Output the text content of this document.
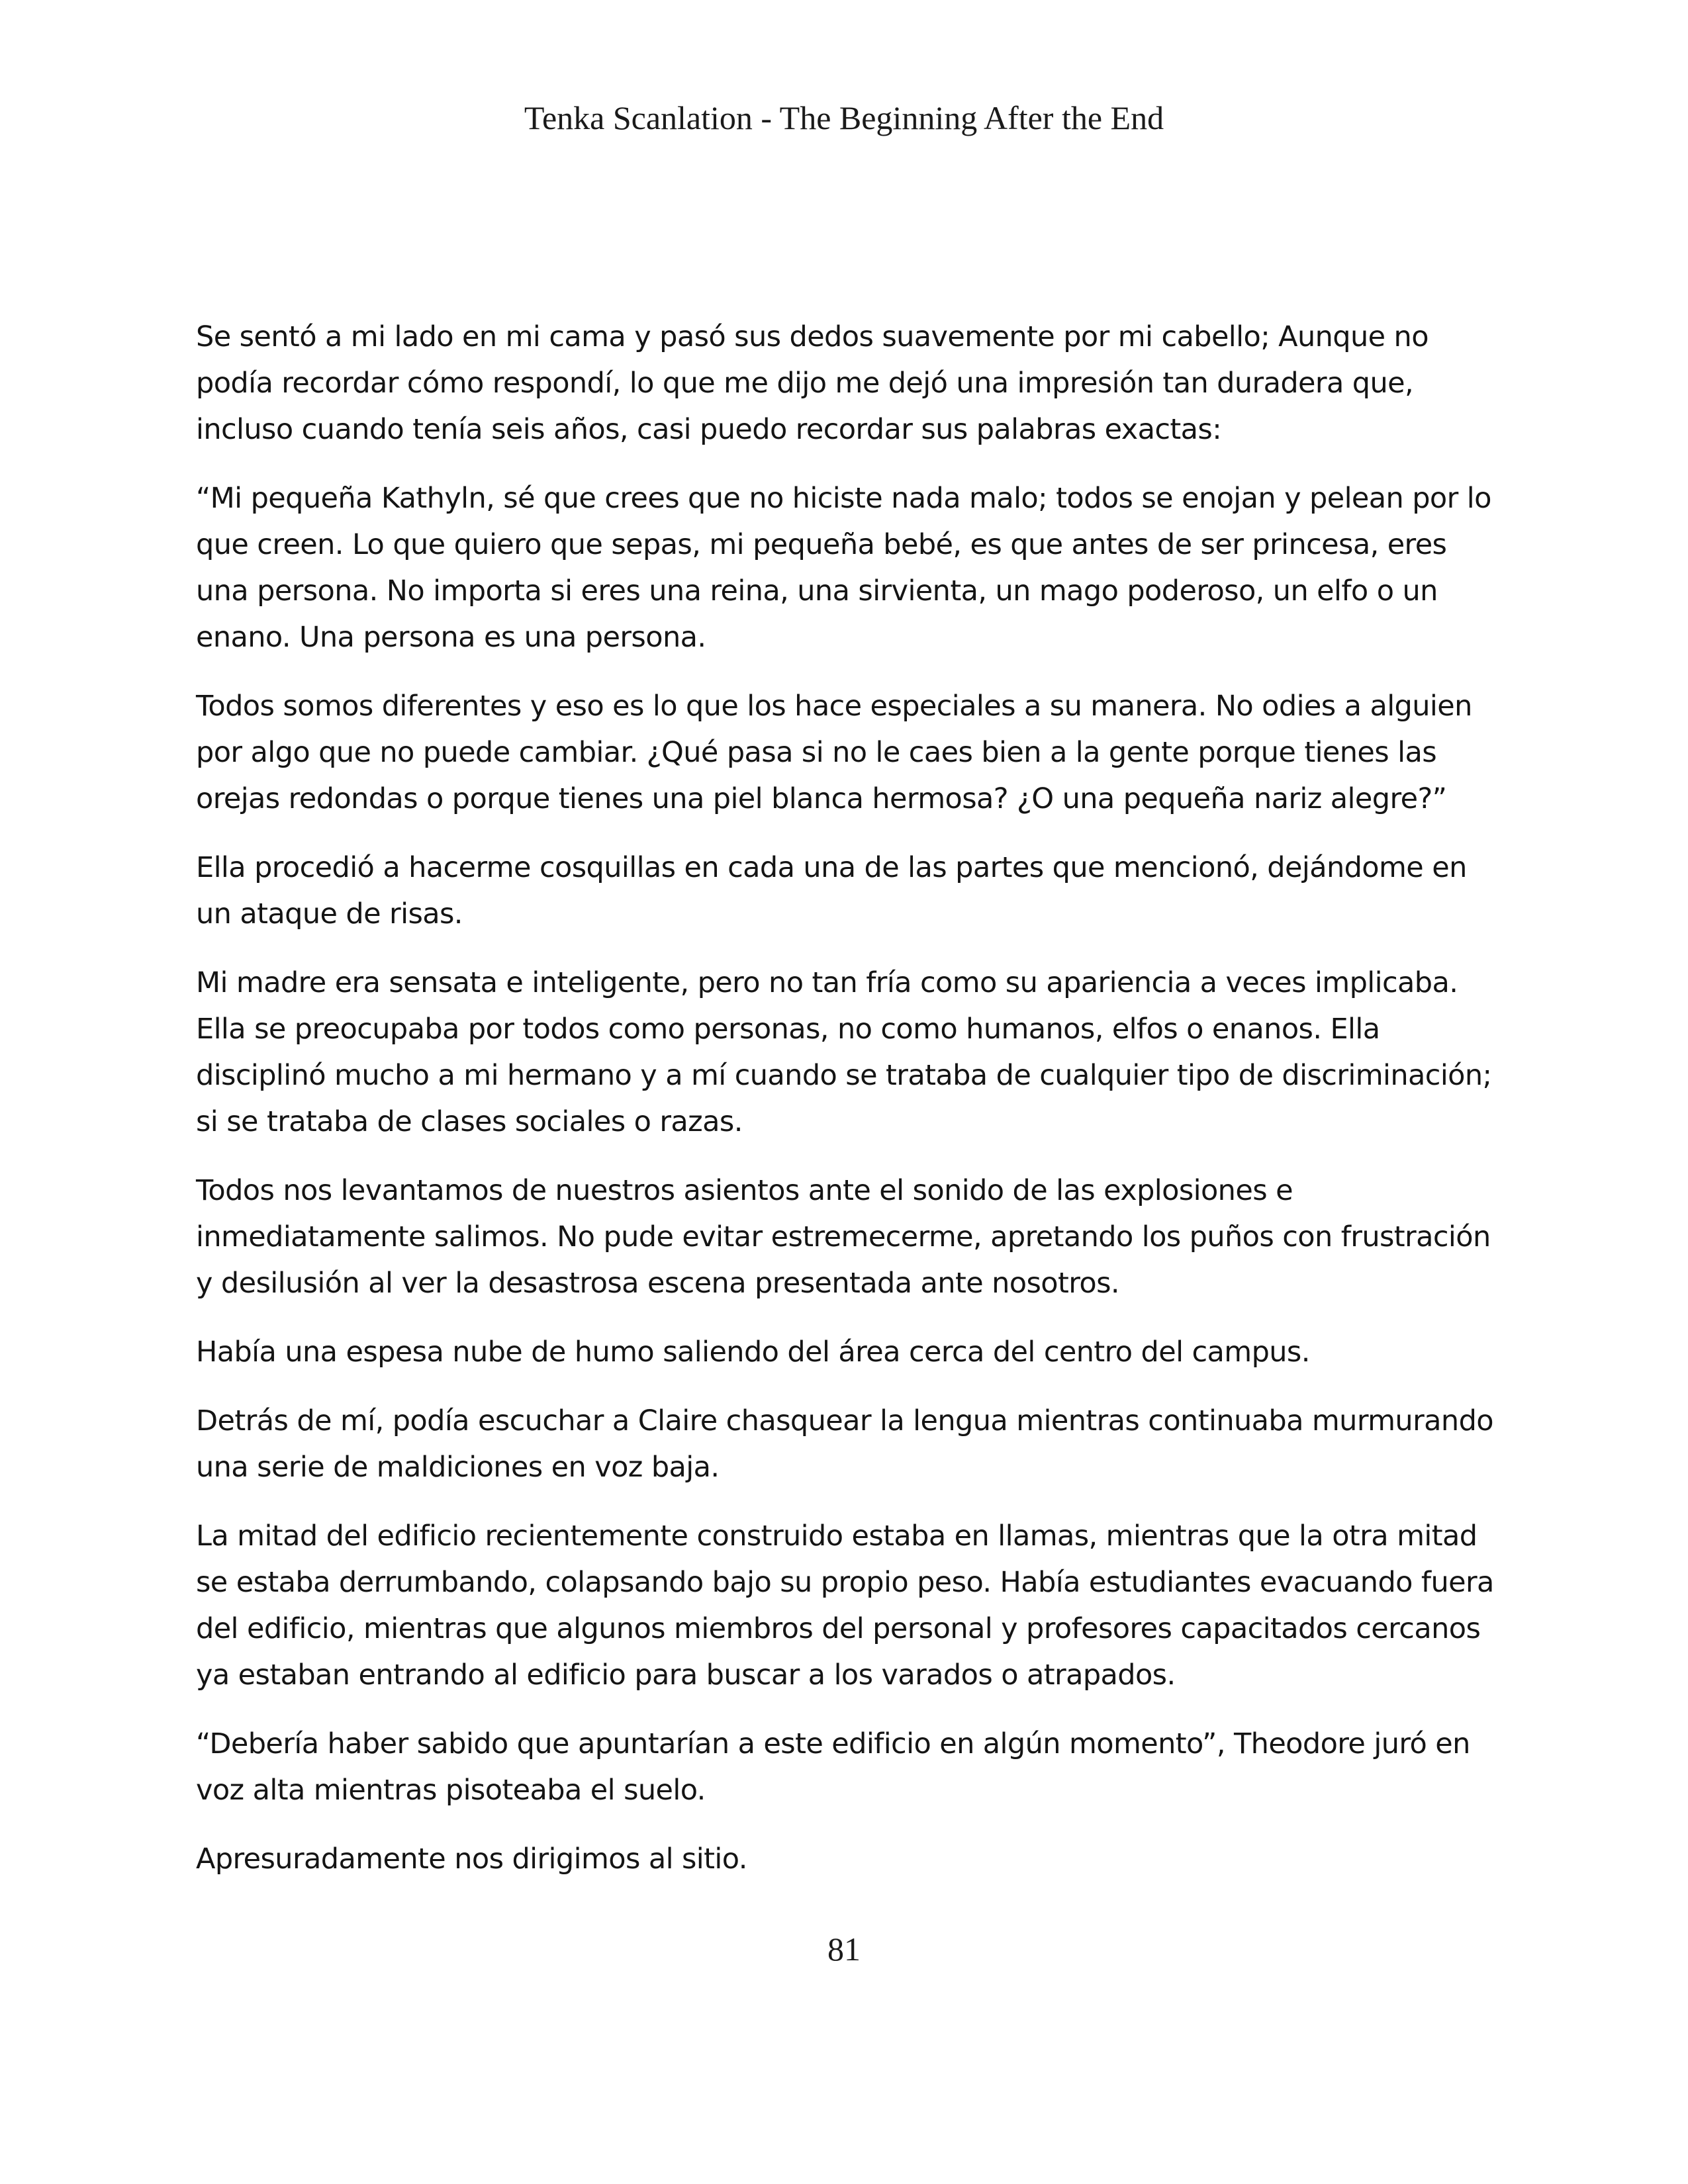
Tenka Scanlation - The Beginning After the End

Se sentó a mi lado en mi cama y pasó sus dedos suavemente por mi cabello; Aunque no podía recordar cómo respondí, lo que me dijo me dejó una impresión tan duradera que, incluso cuando tenía seis años, casi puedo recordar sus palabras exactas:

“Mi pequeña Kathyln, sé que crees que no hiciste nada malo; todos se enojan y pelean por lo que creen. Lo que quiero que sepas, mi pequeña bebé, es que antes de ser princesa, eres una persona. No importa si eres una reina, una sirvienta, un mago poderoso, un elfo o un enano. Una persona es una persona.

Todos somos diferentes y eso es lo que los hace especiales a su manera. No odies a alguien por algo que no puede cambiar. ¿Qué pasa si no le caes bien a la gente porque tienes las orejas redondas o porque tienes una piel blanca hermosa? ¿O una pequeña nariz alegre?”

Ella procedió a hacerme cosquillas en cada una de las partes que mencionó, dejándome en un ataque de risas.

Mi madre era sensata e inteligente, pero no tan fría como su apariencia a veces implicaba. Ella se preocupaba por todos como personas, no como humanos, elfos o enanos. Ella disciplinó mucho a mi hermano y a mí cuando se trataba de cualquier tipo de discriminación; si se trataba de clases sociales o razas.

Todos nos levantamos de nuestros asientos ante el sonido de las explosiones e inmediatamente salimos. No pude evitar estremecerme, apretando los puños con frustración y desilusión al ver la desastrosa escena presentada ante nosotros.

Había una espesa nube de humo saliendo del área cerca del centro del campus.

Detrás de mí, podía escuchar a Claire chasquear la lengua mientras continuaba murmurando una serie de maldiciones en voz baja.

La mitad del edificio recientemente construido estaba en llamas, mientras que la otra mitad se estaba derrumbando, colapsando bajo su propio peso. Había estudiantes evacuando fuera del edificio, mientras que algunos miembros del personal y profesores capacitados cercanos ya estaban entrando al edificio para buscar a los varados o atrapados.

“Debería haber sabido que apuntarían a este edificio en algún momento”, Theodore juró en voz alta mientras pisoteaba el suelo.

Apresuradamente nos dirigimos al sitio.

81
